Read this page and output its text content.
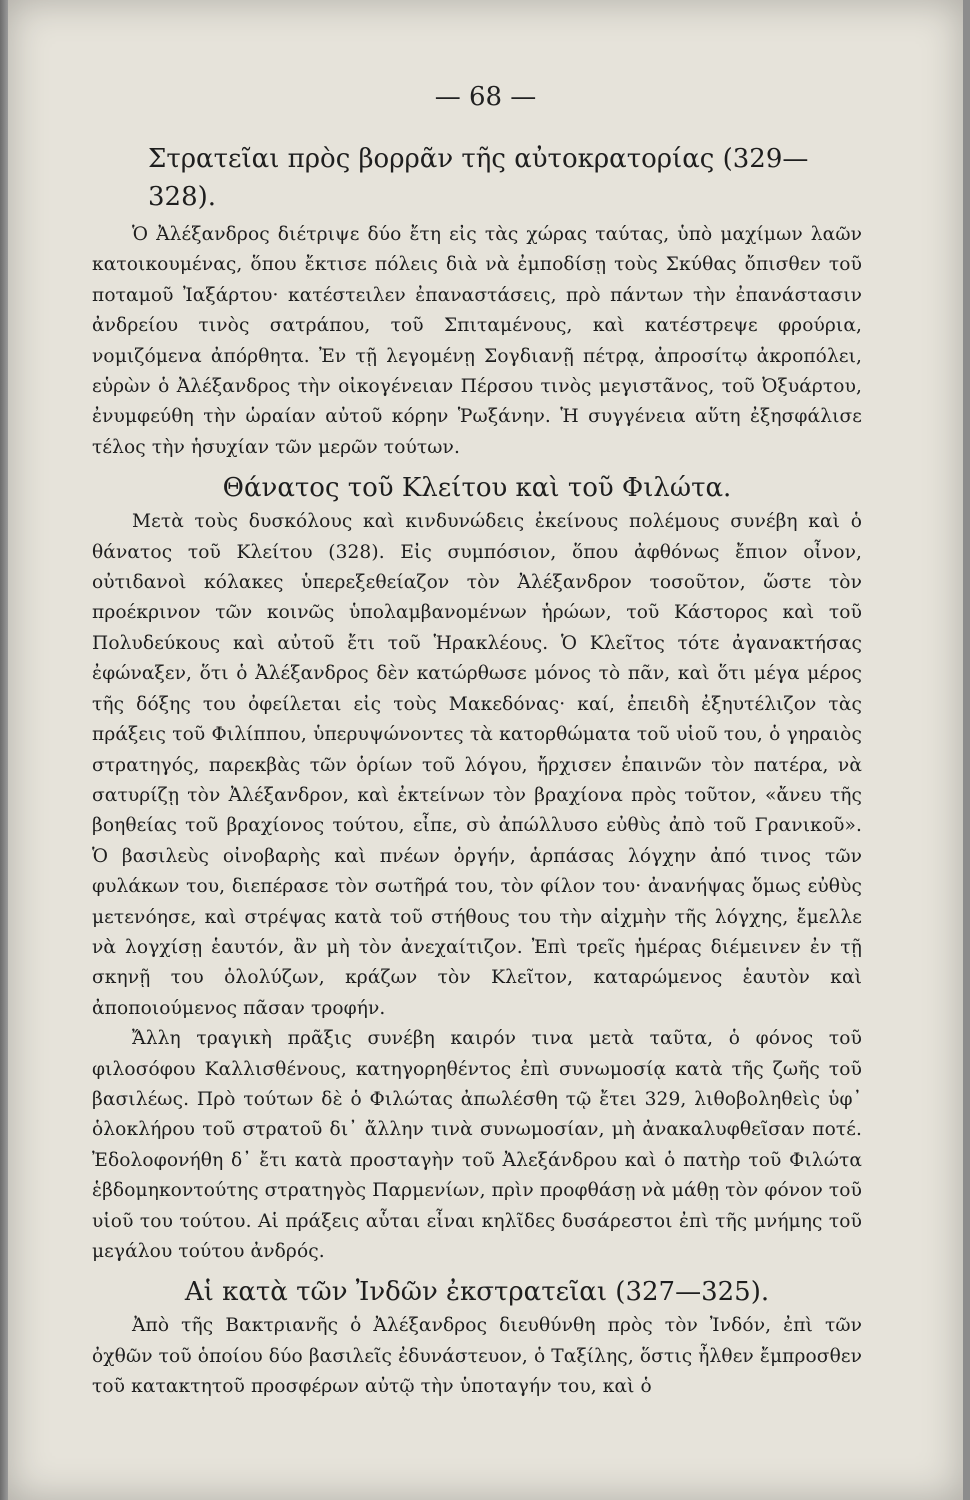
— 68 —
Στρατεῖαι πρὸς βορρᾶν τῆς αὐτοκρατορίας (329—328).

Ὁ Ἀλέξανδρος διέτριψε δύο ἔτη εἰς τὰς χώρας ταύτας, ὑπὸ μαχίμων λαῶν κατοικουμένας, ὅπου ἔκτισε πόλεις διὰ νὰ ἐμποδίσῃ τοὺς Σκύθας ὄπισθεν τοῦ ποταμοῦ Ἰαξάρτου· κατέστειλεν ἐπαναστάσεις, πρὸ πάντων τὴν ἐπανάστασιν ἀνδρείου τινὸς σατράπου, τοῦ Σπιταμένους, καὶ κατέστρεψε φρούρια, νομιζόμενα ἀπόρθητα. Ἐν τῇ λεγομένῃ Σογδιανῇ πέτρᾳ, ἀπροσίτῳ ἀκροπόλει, εὑρὼν ὁ Ἀλέξανδρος τὴν οἰκογένειαν Πέρσου τινὸς μεγιστᾶνος, τοῦ Ὀξυάρτου, ἐνυμφεύθη τὴν ὡραίαν αὐτοῦ κόρην Ῥωξάνην. Ἡ συγγένεια αὕτη ἐξησφάλισε τέλος τὴν ἡσυχίαν τῶν μερῶν τούτων.

Θάνατος τοῦ Κλείτου καὶ τοῦ Φιλώτα.

Μετὰ τοὺς δυσκόλους καὶ κινδυνώδεις ἐκείνους πολέμους συνέβη καὶ ὁ θάνατος τοῦ Κλείτου (328). Εἰς συμπόσιον, ὅπου ἀφθόνως ἔπιον οἶνον, οὐτιδανοὶ κόλακες ὑπερεξεθείαζον τὸν Ἀλέξανδρον τοσοῦτον, ὥστε τὸν προέκρινον τῶν κοινῶς ὑπολαμβανομένων ἡρώων, τοῦ Κάστορος καὶ τοῦ Πολυδεύκους καὶ αὐτοῦ ἔτι τοῦ Ἡρακλέους. Ὁ Κλεῖτος τότε ἀγανακτήσας ἐφώναξεν, ὅτι ὁ Ἀλέξανδρος δὲν κατώρθωσε μόνος τὸ πᾶν, καὶ ὅτι μέγα μέρος τῆς δόξης του ὀφείλεται εἰς τοὺς Μακεδόνας· καί, ἐπειδὴ ἐξηυτέλιζον τὰς πράξεις τοῦ Φιλίππου, ὑπερυψώνοντες τὰ κατορθώματα τοῦ υἱοῦ του, ὁ γηραιὸς στρατηγός, παρεκβὰς τῶν ὁρίων τοῦ λόγου, ἤρχισεν ἐπαινῶν τὸν πατέρα, νὰ σατυρίζῃ τὸν Ἀλέξανδρον, καὶ ἐκτείνων τὸν βραχίονα πρὸς τοῦτον, «ἄνευ τῆς βοηθείας τοῦ βραχίονος τούτου, εἶπε, σὺ ἀπώλλυσο εὐθὺς ἀπὸ τοῦ Γρανικοῦ». Ὁ βασιλεὺς οἰνοβαρὴς καὶ πνέων ὀργήν, ἁρπάσας λόγχην ἀπό τινος τῶν φυλάκων του, διεπέρασε τὸν σωτῆρά του, τὸν φίλον του· ἀνανήψας ὅμως εὐθὺς μετενόησε, καὶ στρέψας κατὰ τοῦ στήθους του τὴν αἰχμὴν τῆς λόγχης, ἔμελλε νὰ λογχίσῃ ἑαυτόν, ἂν μὴ τὸν ἀνεχαίτιζον. Ἐπὶ τρεῖς ἡμέρας διέμεινεν ἐν τῇ σκηνῇ του ὀλολύζων, κράζων τὸν Κλεῖτον, καταρώμενος ἑαυτὸν καὶ ἀποποιούμενος πᾶσαν τροφήν.

Ἄλλη τραγικὴ πρᾶξις συνέβη καιρόν τινα μετὰ ταῦτα, ὁ φόνος τοῦ φιλοσόφου Καλλισθένους, κατηγορηθέντος ἐπὶ συνωμοσίᾳ κατὰ τῆς ζωῆς τοῦ βασιλέως. Πρὸ τούτων δὲ ὁ Φιλώτας ἀπωλέσθη τῷ ἔτει 329, λιθοβοληθεὶς ὑφ᾽ ὁλοκλήρου τοῦ στρατοῦ δι᾽ ἄλλην τινὰ συνωμοσίαν, μὴ ἀνακαλυφθεῖσαν ποτέ. Ἐδολοφονήθη δ᾽ ἔτι κατὰ προσταγὴν τοῦ Ἀλεξάνδρου καὶ ὁ πατὴρ τοῦ Φιλώτα ἑβδομηκοντούτης στρατηγὸς Παρμενίων, πρὶν προφθάσῃ νὰ μάθῃ τὸν φόνον τοῦ υἱοῦ του τούτου. Αἱ πράξεις αὗται εἶναι κηλῖδες δυσάρεστοι ἐπὶ τῆς μνήμης τοῦ μεγάλου τούτου ἀνδρός.

Αἱ κατὰ τῶν Ἰνδῶν ἐκστρατεῖαι (327—325).

Ἀπὸ τῆς Βακτριανῆς ὁ Ἀλέξανδρος διευθύνθη πρὸς τὸν Ἰνδόν, ἐπὶ τῶν ὀχθῶν τοῦ ὁποίου δύο βασιλεῖς ἐδυνάστευον, ὁ Ταξίλης, ὅστις ἦλθεν ἔμπροσθεν τοῦ κατακτητοῦ προσφέρων αὐτῷ τὴν ὑποταγήν του, καὶ ὁ
